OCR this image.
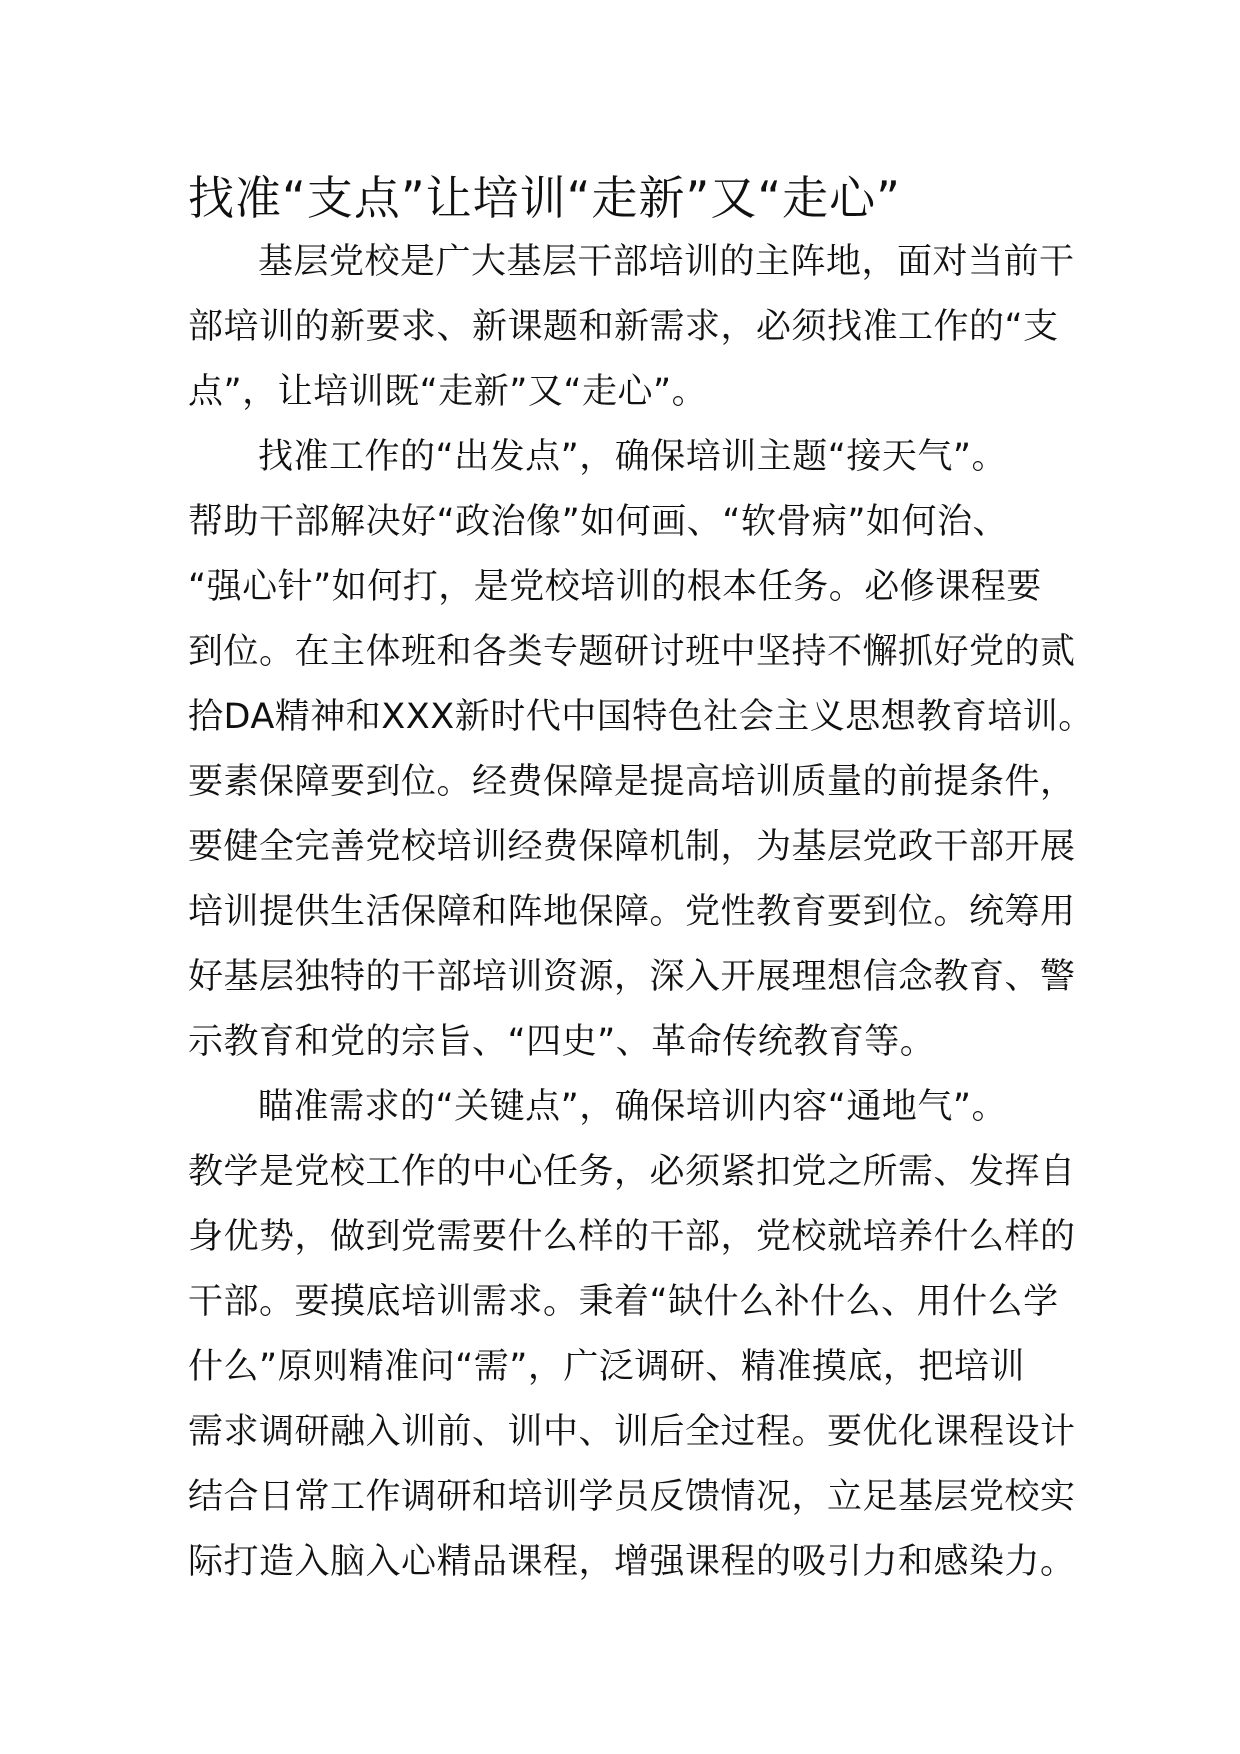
找准“支点”让培训“走新”又“走心”

基层党校是广大基层干部培训的主阵地，面对当前干
部培训的新要求、新课题和新需求，必须找准工作的“支
点”，让培训既“走新”又“走心”。

找准工作的“出发点”，确保培训主题“接天气”。
帮助干部解决好“政治像”如何画、“软骨病”如何治、
“强心针”如何打，是党校培训的根本任务。必修课程要
到位。在主体班和各类专题研讨班中坚持不懈抓好党的贰
拾DA精神和XXX新时代中国特色社会主义思想教育培训。
要素保障要到位。经费保障是提高培训质量的前提条件，
要健全完善党校培训经费保障机制，为基层党政干部开展
培训提供生活保障和阵地保障。党性教育要到位。统筹用
好基层独特的干部培训资源，深入开展理想信念教育、警
示教育和党的宗旨、“四史”、革命传统教育等。

瞄准需求的“关键点”，确保培训内容“通地气”。
教学是党校工作的中心任务，必须紧扣党之所需、发挥自
身优势，做到党需要什么样的干部，党校就培养什么样的
干部。要摸底培训需求。秉着“缺什么补什么、用什么学
什么”原则精准问“需”，广泛调研、精准摸底，把培训
需求调研融入训前、训中、训后全过程。要优化课程设计
结合日常工作调研和培训学员反馈情况，立足基层党校实
际打造入脑入心精品课程，增强课程的吸引力和感染力。
